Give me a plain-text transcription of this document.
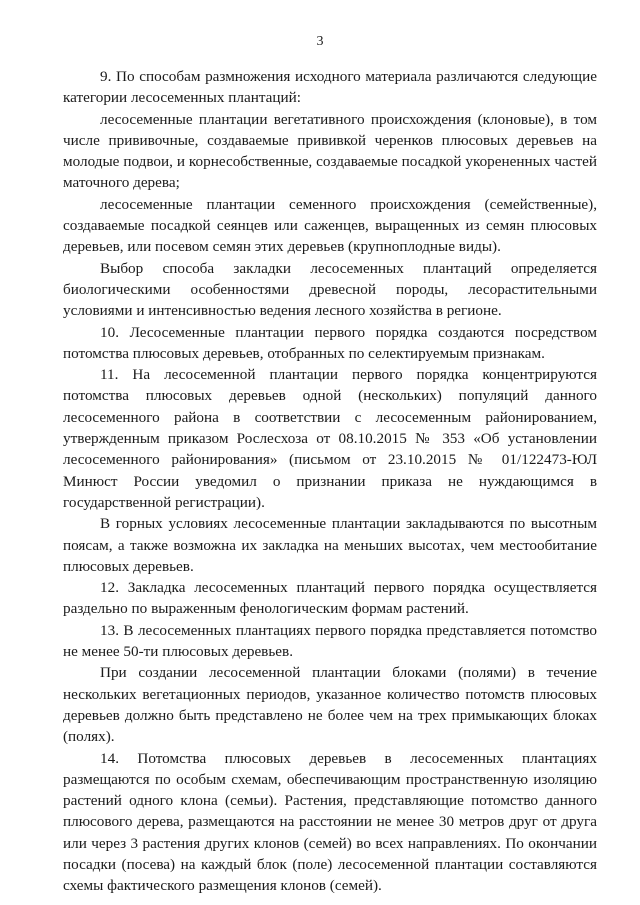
3

9. По способам размножения исходного материала различаются следующие категории лесосеменных плантаций:

лесосеменные плантации вегетативного происхождения (клоновые), в том числе прививочные, создаваемые прививкой черенков плюсовых деревьев на молодые подвои, и корнесобственные, создаваемые посадкой укорененных частей маточного дерева;

лесосеменные плантации семенного происхождения (семейственные), создаваемые посадкой сеянцев или саженцев, выращенных из семян плюсовых деревьев, или посевом семян этих деревьев (крупноплодные виды).

Выбор способа закладки лесосеменных плантаций определяется биологическими особенностями древесной породы, лесорастительными условиями и интенсивностью ведения лесного хозяйства в регионе.

10. Лесосеменные плантации первого порядка создаются посредством потомства плюсовых деревьев, отобранных по селектируемым признакам.

11. На лесосеменной плантации первого порядка концентрируются потомства плюсовых деревьев одной (нескольких) популяций данного лесосеменного района в соответствии с лесосеменным районированием, утвержденным приказом Рослесхоза от 08.10.2015 № 353 «Об установлении лесосеменного районирования» (письмом от 23.10.2015 № 01/122473-ЮЛ Минюст России уведомил о признании приказа не нуждающимся в государственной регистрации).

В горных условиях лесосеменные плантации закладываются по высотным поясам, а также возможна их закладка на меньших высотах, чем местообитание плюсовых деревьев.

12. Закладка лесосеменных плантаций первого порядка осуществляется раздельно по выраженным фенологическим формам растений.

13. В лесосеменных плантациях первого порядка представляется потомство не менее 50-ти плюсовых деревьев.

При создании лесосеменной плантации блоками (полями) в течение нескольких вегетационных периодов, указанное количество потомств плюсовых деревьев должно быть представлено не более чем на трех примыкающих блоках (полях).

14. Потомства плюсовых деревьев в лесосеменных плантациях размещаются по особым схемам, обеспечивающим пространственную изоляцию растений одного клона (семьи). Растения, представляющие потомство данного плюсового дерева, размещаются на расстоянии не менее 30 метров друг от друга или через 3 растения других клонов (семей) во всех направлениях. По окончании посадки (посева) на каждый блок (поле) лесосеменной плантации составляются схемы фактического размещения клонов (семей).
